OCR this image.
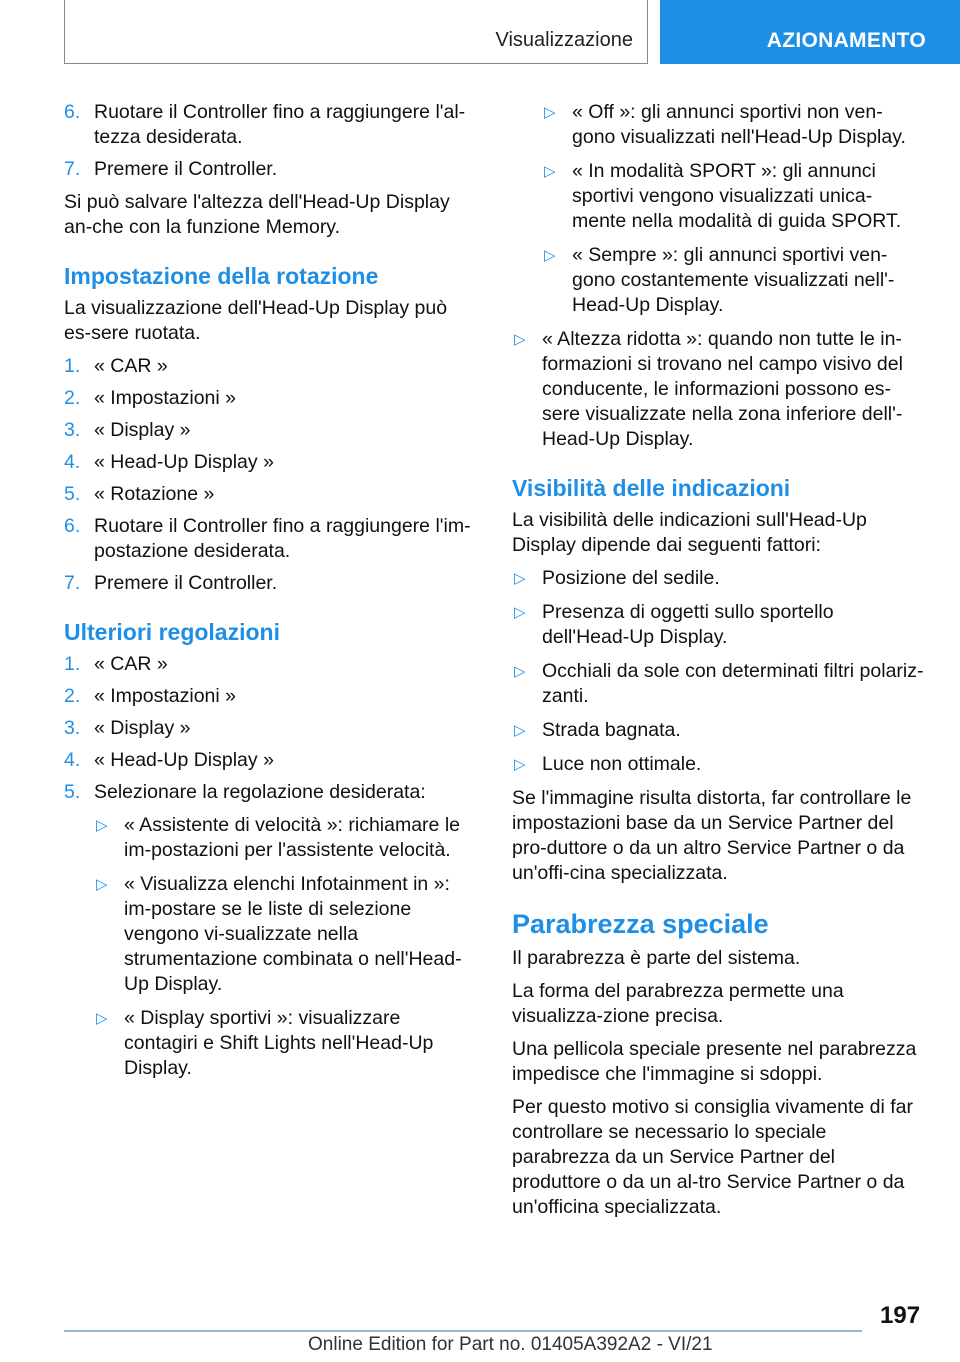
Visualizzazione	AZIONAMENTO
6. Ruotare il Controller fino a raggiungere l'al-tezza desiderata.
7. Premere il Controller.

Si può salvare l'altezza dell'Head-Up Display an-che con la funzione Memory.

Impostazione della rotazione

La visualizzazione dell'Head-Up Display può es-sere ruotata.

1. « CAR »
2. « Impostazioni »
3. « Display »
4. « Head-Up Display »
5. « Rotazione »
6. Ruotare il Controller fino a raggiungere l'im-postazione desiderata.
7. Premere il Controller.
Ulteriori regolazioni
1. « CAR »
2. « Impostazioni »
3. « Display »
4. « Head-Up Display »
5. Selezionare la regolazione desiderata:
▷ « Assistente di velocità »: richiamare le im-postazioni per l'assistente velocità.
▷ « Visualizza elenchi Infotainment in »: im-postare se le liste di selezione vengono vi-sualizzate nella strumentazione combinata o nell'Head-Up Display.
▷ « Display sportivi »: visualizzare contagiri e Shift Lights nell'Head-Up Display.
▷ « Off »: gli annunci sportivi non ven-gono visualizzati nell'Head-Up Display.
▷ « In modalità SPORT »: gli annunci sportivi vengono visualizzati unica-mente nella modalità di guida SPORT.
▷ « Sempre »: gli annunci sportivi ven-gono costantemente visualizzati nell'-Head-Up Display.
▷ « Altezza ridotta »: quando non tutte le in-formazioni si trovano nel campo visivo del conducente, le informazioni possono es-sere visualizzate nella zona inferiore dell'-Head-Up Display.
Visibilità delle indicazioni

La visibilità delle indicazioni sull'Head-Up Display dipende dai seguenti fattori:

▷ Posizione del sedile.
▷ Presenza di oggetti sullo sportello dell'Head-Up Display.
▷ Occhiali da sole con determinati filtri polariz-zanti.
▷ Strada bagnata.
▷ Luce non ottimale.

Se l'immagine risulta distorta, far controllare le impostazioni base da un Service Partner del pro-duttore o da un altro Service Partner o da un'offi-cina specializzata.

Parabrezza speciale

Il parabrezza è parte del sistema.

La forma del parabrezza permette una visualizza-zione precisa.

Una pellicola speciale presente nel parabrezza impedisce che l'immagine si sdoppi.

Per questo motivo si consiglia vivamente di far controllare se necessario lo speciale parabrezza da un Service Partner del produttore o da un al-tro Service Partner o da un'officina specializzata.

197
Online Edition for Part no. 01405A392A2 - VI/21
